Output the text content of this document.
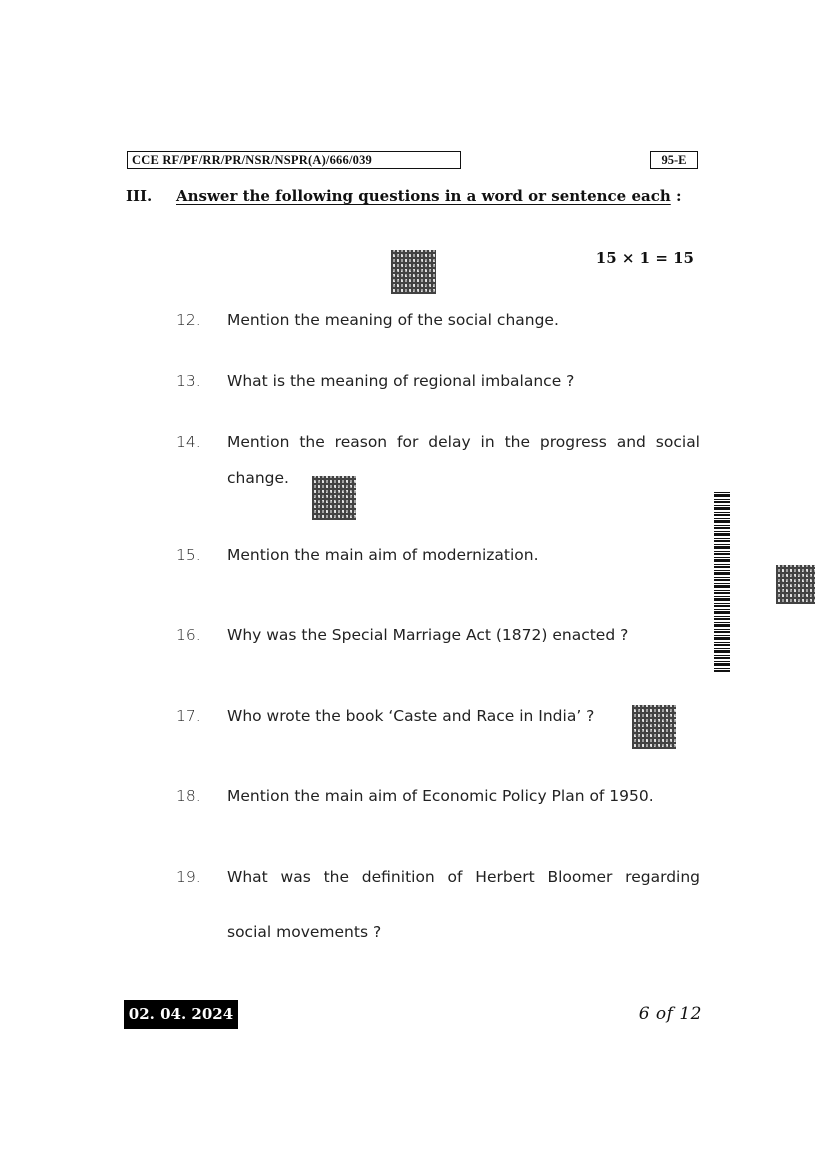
CCE RF/PF/RR/PR/NSR/NSPR(A)/666/039	95-E
III. Answer the following questions in a word or sentence each :
15 × 1 = 15
12. Mention the meaning of the social change.
13. What is the meaning of regional imbalance ?
14. Mention the reason for delay in the progress and social
change.
15. Mention the main aim of modernization.
16. Why was the Special Marriage Act (1872) enacted ?
17. Who wrote the book ‘Caste and Race in India’ ?
18. Mention the main aim of Economic Policy Plan of 1950.
19. What was the definition of Herbert Bloomer regarding
social movements ?
02. 04. 2024	6 of 12
